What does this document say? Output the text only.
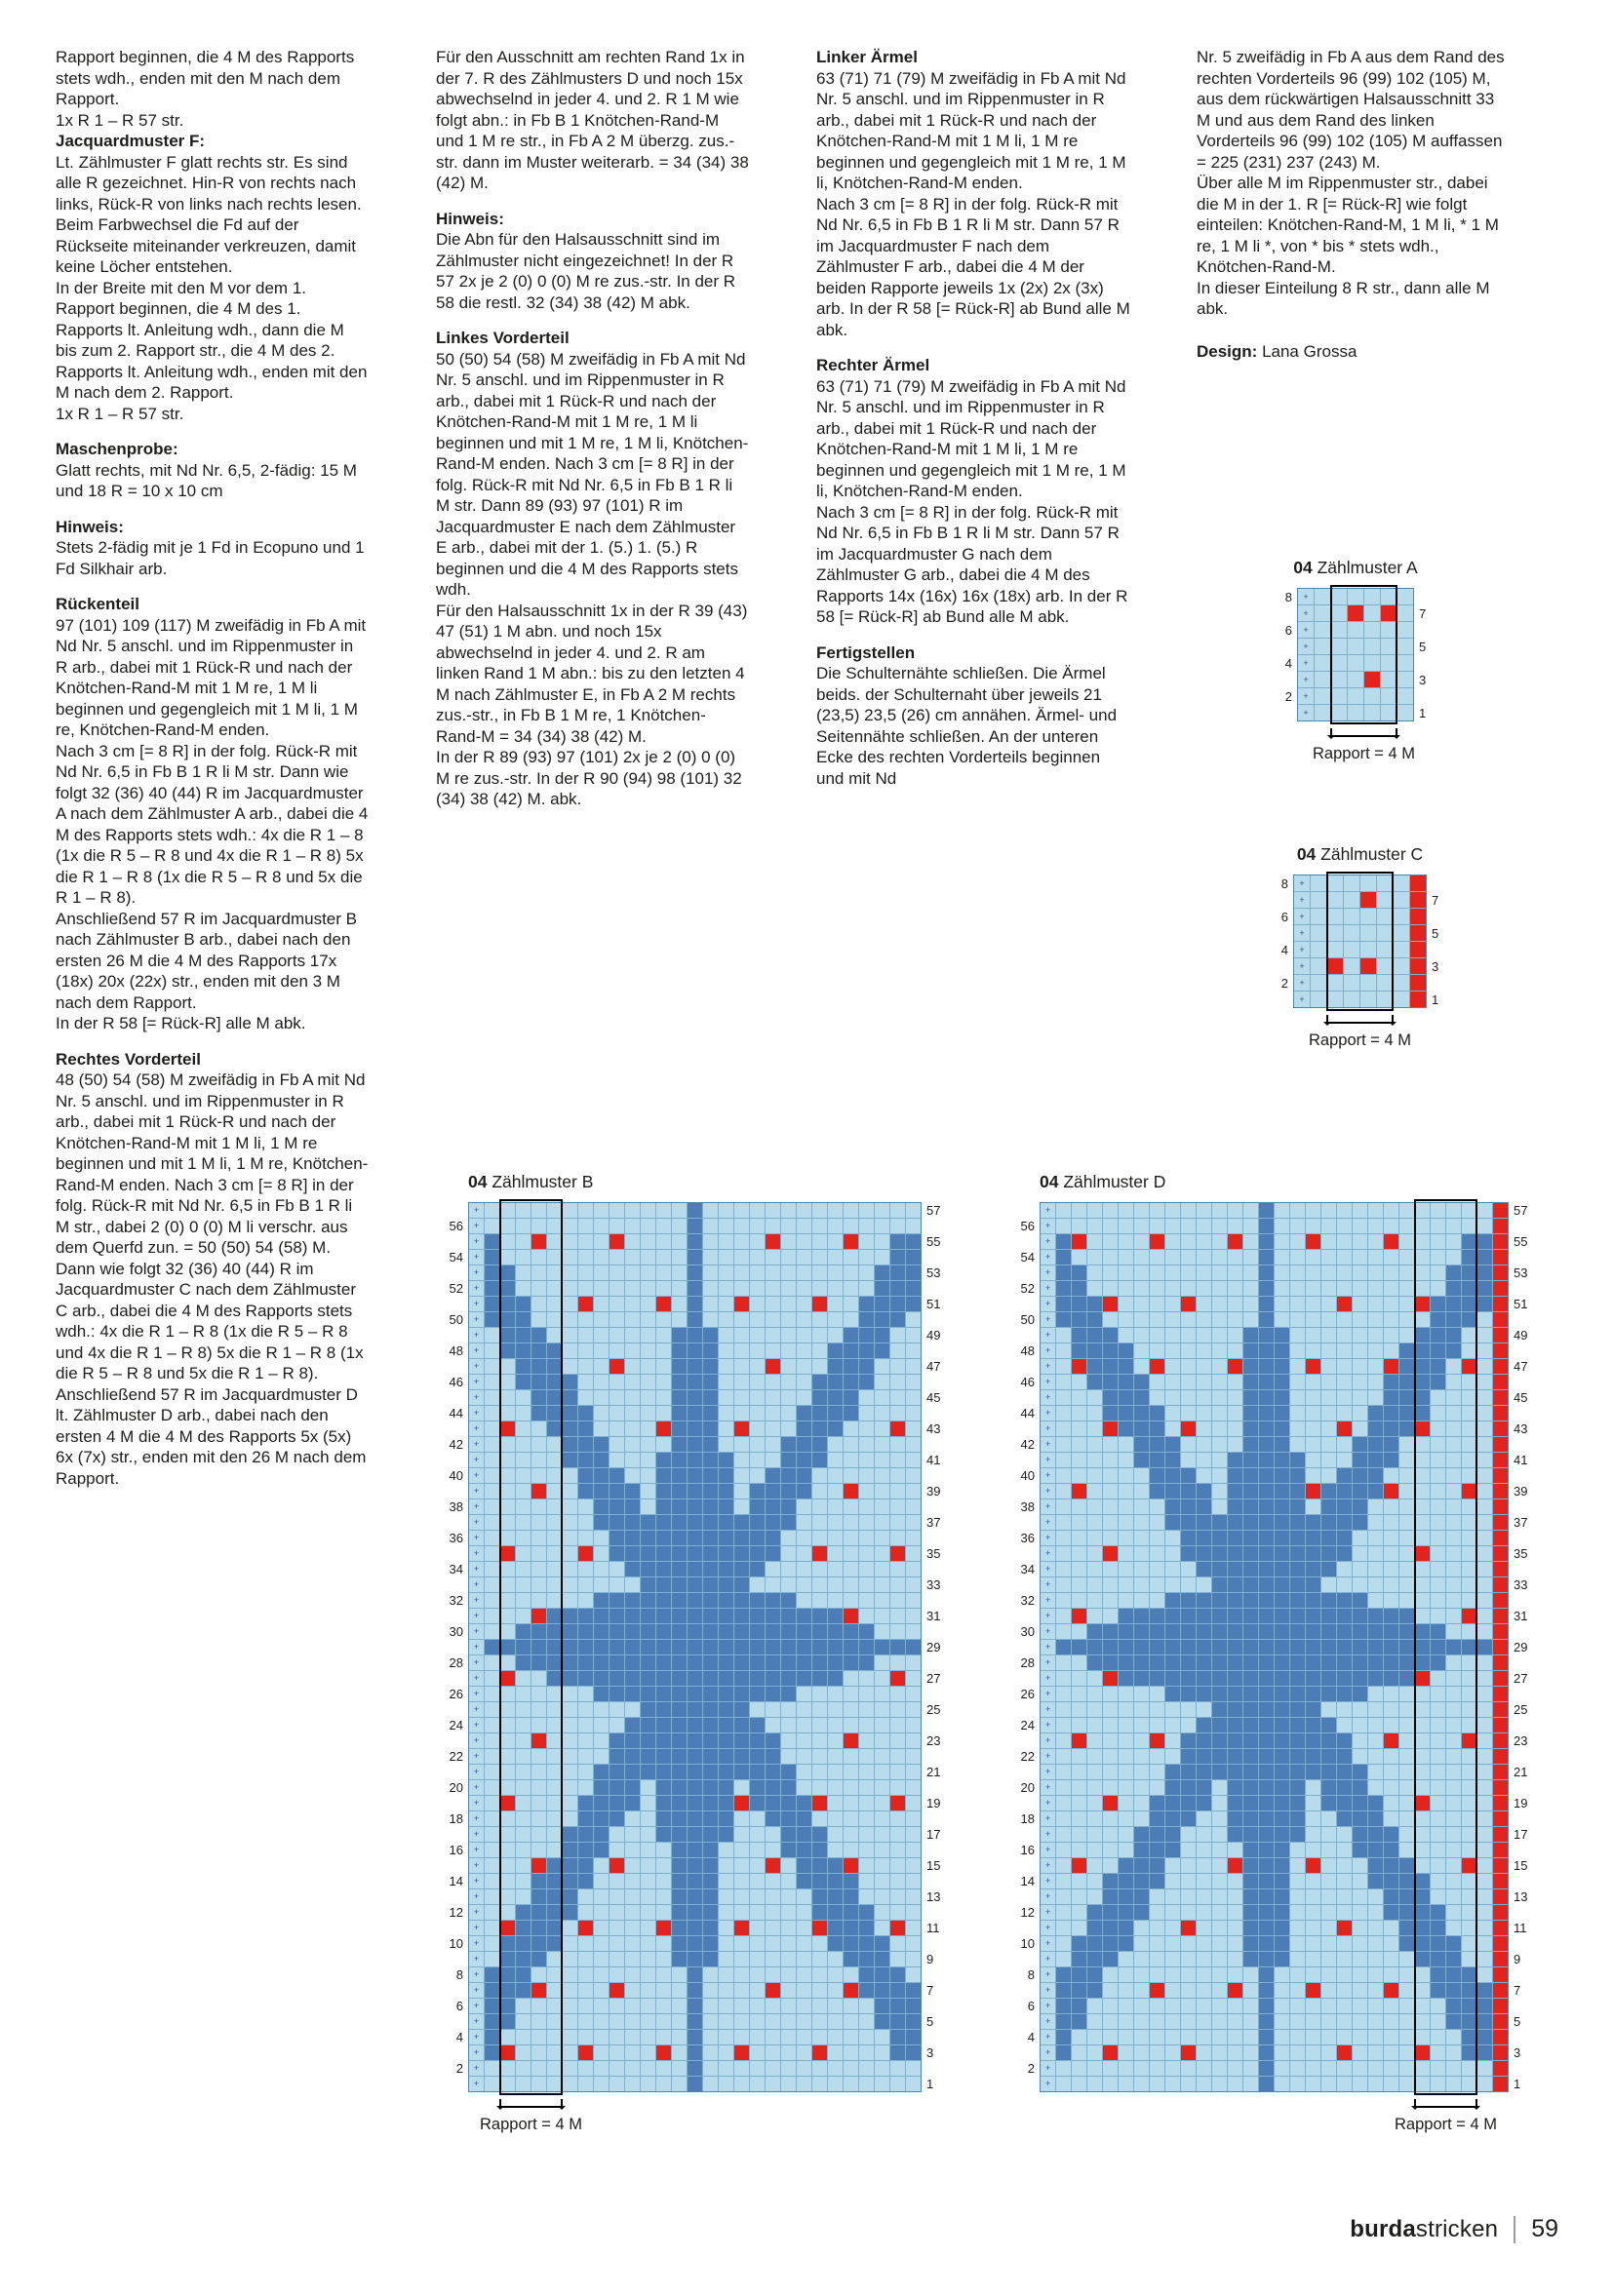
Rapport beginnen, die 4 M des Rapports stets wdh., enden mit den M nach dem Rapport.

1x R 1 – R 57 str.

Jacquardmuster F:

Lt. Zählmuster F glatt rechts str. Es sind alle R gezeichnet. Hin-R von rechts nach links, Rück-R von links nach rechts lesen. Beim Farbwechsel die Fd auf der Rückseite miteinander verkreuzen, damit keine Löcher entstehen.

In der Breite mit den M vor dem 1. Rapport beginnen, die 4 M des 1. Rapports lt. Anleitung wdh., dann die M bis zum 2. Rapport str., die 4 M des 2. Rapports lt. Anleitung wdh., enden mit den M nach dem 2. Rapport.

1x R 1 – R 57 str.

Maschenprobe:

Glatt rechts, mit Nd Nr. 6,5, 2-fädig: 15 M und 18 R = 10 x 10 cm

Hinweis:

Stets 2-fädig mit je 1 Fd in Ecopuno und 1 Fd Silkhair arb.

Rückenteil

97 (101) 109 (117) M zweifädig in Fb A mit Nd Nr. 5 anschl. und im Rippenmuster in R arb., dabei mit 1 Rück-R und nach der Knötchen-Rand-M mit 1 M re, 1 M li beginnen und gegengleich mit 1 M li, 1 M re, Knötchen-Rand-M enden.

Nach 3 cm [= 8 R] in der folg. Rück-R mit Nd Nr. 6,5 in Fb B 1 R li M str. Dann wie folgt 32 (36) 40 (44) R im Jacquardmuster A nach dem Zählmuster A arb., dabei die 4 M des Rapports stets wdh.: 4x die R 1 – 8 (1x die R 5 – R 8 und 4x die R 1 – R 8) 5x die R 1 – R 8 (1x die R 5 – R 8 und 5x die R 1 – R 8).

Anschließend 57 R im Jacquardmuster B nach Zählmuster B arb., dabei nach den ersten 26 M die 4 M des Rapports 17x (18x) 20x (22x) str., enden mit den 3 M nach dem Rapport.

In der R 58 [= Rück-R] alle M abk.

Rechtes Vorderteil

48 (50) 54 (58) M zweifädig in Fb A mit Nd Nr. 5 anschl. und im Rippenmuster in R arb., dabei mit 1 Rück-R und nach der Knötchen-Rand-M mit 1 M li, 1 M re beginnen und mit 1 M li, 1 M re, Knötchen-Rand-M enden. Nach 3 cm [= 8 R] in der folg. Rück-R mit Nd Nr. 6,5 in Fb B 1 R li M str., dabei 2 (0) 0 (0) M li verschr. aus dem Querfd zun. = 50 (50) 54 (58) M.

Dann wie folgt 32 (36) 40 (44) R im Jacquardmuster C nach dem Zählmuster C arb., dabei die 4 M des Rapports stets wdh.: 4x die R 1 – R 8 (1x die R 5 – R 8 und 4x die R 1 – R 8) 5x die R 1 – R 8 (1x die R 5 – R 8 und 5x die R 1 – R 8).

Anschließend 57 R im Jacquardmuster D lt. Zählmuster D arb., dabei nach den ersten 4 M die 4 M des Rapports 5x (5x) 6x (7x) str., enden mit den 26 M nach dem Rapport.

Für den Ausschnitt am rechten Rand 1x in der 7. R des Zählmusters D und noch 15x abwechselnd in jeder 4. und 2. R 1 M wie folgt abn.: in Fb B 1 Knötchen-Rand-M und 1 M re str., in Fb A 2 M überzg. zus.-str. dann im Muster weiterarb. = 34 (34) 38 (42) M.

Hinweis:

Die Abn für den Halsausschnitt sind im Zählmuster nicht eingezeichnet! In der R 57 2x je 2 (0) 0 (0) M re zus.-str. In der R 58 die restl. 32 (34) 38 (42) M abk.

Linkes Vorderteil

50 (50) 54 (58) M zweifädig in Fb A mit Nd Nr. 5 anschl. und im Rippenmuster in R arb., dabei mit 1 Rück-R und nach der Knötchen-Rand-M mit 1 M re, 1 M li beginnen und mit 1 M re, 1 M li, Knötchen-Rand-M enden. Nach 3 cm [= 8 R] in der folg. Rück-R mit Nd Nr. 6,5 in Fb B 1 R li M str. Dann 89 (93) 97 (101) R im Jacquardmuster E nach dem Zählmuster E arb., dabei mit der 1. (5.) 1. (5.) R beginnen und die 4 M des Rapports stets wdh.

Für den Halsausschnitt 1x in der R 39 (43) 47 (51) 1 M abn. und noch 15x abwechselnd in jeder 4. und 2. R am linken Rand 1 M abn.: bis zu den letzten 4 M nach Zählmuster E, in Fb A 2 M rechts zus.-str., in Fb B 1 M re, 1 Knötchen-Rand-M = 34 (34) 38 (42) M.

In der R 89 (93) 97 (101) 2x je 2 (0) 0 (0) M re zus.-str. In der R 90 (94) 98 (101) 32 (34) 38 (42) M. abk.

Linker Ärmel

63 (71) 71 (79) M zweifädig in Fb A mit Nd Nr. 5 anschl. und im Rippenmuster in R arb., dabei mit 1 Rück-R und nach der Knötchen-Rand-M mit 1 M li, 1 M re beginnen und gegengleich mit 1 M re, 1 M li, Knötchen-Rand-M enden.

Nach 3 cm [= 8 R] in der folg. Rück-R mit Nd Nr. 6,5 in Fb B 1 R li M str. Dann 57 R im Jacquardmuster F nach dem Zählmuster F arb., dabei die 4 M der beiden Rapporte jeweils 1x (2x) 2x (3x) arb. In der R 58 [= Rück-R] ab Bund alle M abk.

Rechter Ärmel

63 (71) 71 (79) M zweifädig in Fb A mit Nd Nr. 5 anschl. und im Rippenmuster in R arb., dabei mit 1 Rück-R und nach der Knötchen-Rand-M mit 1 M li, 1 M re beginnen und gegengleich mit 1 M re, 1 M li, Knötchen-Rand-M enden.

Nach 3 cm [= 8 R] in der folg. Rück-R mit Nd Nr. 6,5 in Fb B 1 R li M str. Dann 57 R im Jacquardmuster G nach dem Zählmuster G arb., dabei die 4 M des Rapports 14x (16x) 16x (18x) arb. In der R 58 [= Rück-R] ab Bund alle M abk.

Fertigstellen

Die Schulternähte schließen. Die Ärmel beids. der Schulternaht über jeweils 21 (23,5) 23,5 (26) cm annähen. Ärmel- und Seitennähte schließen. An der unteren Ecke des rechten Vorderteils beginnen und mit Nd

Nr. 5 zweifädig in Fb A aus dem Rand des rechten Vorderteils 96 (99) 102 (105) M, aus dem rückwärtigen Halsausschnitt 33 M und aus dem Rand des linken Vorderteils 96 (99) 102 (105) M auffassen = 225 (231) 237 (243) M.

Über alle M im Rippenmuster str., dabei die M in der 1. R [= Rück-R] wie folgt einteilen: Knötchen-Rand-M, 1 M li, * 1 M re, 1 M li *, von * bis * stets wdh., Knötchen-Rand-M.

In dieser Einteilung 8 R str., dann alle M abk.

Design: Lana Grossa

04 Zählmuster A
8
6
4
2
+
+
+
+
+
+
+
+
7
5
3
1
Rapport = 4 M
04 Zählmuster C
8
6
4
2
+
+
+
+
+
+
+
+
7
5
3
1
Rapport = 4 M
04 Zählmuster B
56
54
52
50
48
46
44
42
40
38
36
34
32
30
28
26
24
22
20
18
16
14
12
10
8
6
4
2
+
+
+
+
+
+
+
+
+
+
+
+
+
+
+
+
+
+
+
+
+
+
+
+
+
+
+
+
+
+
+
+
+
+
+
+
+
+
+
+
+
+
+
+
+
+
+
+
+
+
+
+
+
+
+
+
+
57
55
53
51
49
47
45
43
41
39
37
35
33
31
29
27
25
23
21
19
17
15
13
11
9
7
5
3
1
Rapport = 4 M
04 Zählmuster D
56
54
52
50
48
46
44
42
40
38
36
34
32
30
28
26
24
22
20
18
16
14
12
10
8
6
4
2
+
+
+
+
+
+
+
+
+
+
+
+
+
+
+
+
+
+
+
+
+
+
+
+
+
+
+
+
+
+
+
+
+
+
+
+
+
+
+
+
+
+
+
+
+
+
+
+
+
+
+
+
+
+
+
+
+
57
55
53
51
49
47
45
43
41
39
37
35
33
31
29
27
25
23
21
19
17
15
13
11
9
7
5
3
1
Rapport = 4 M
burdastricken 59
